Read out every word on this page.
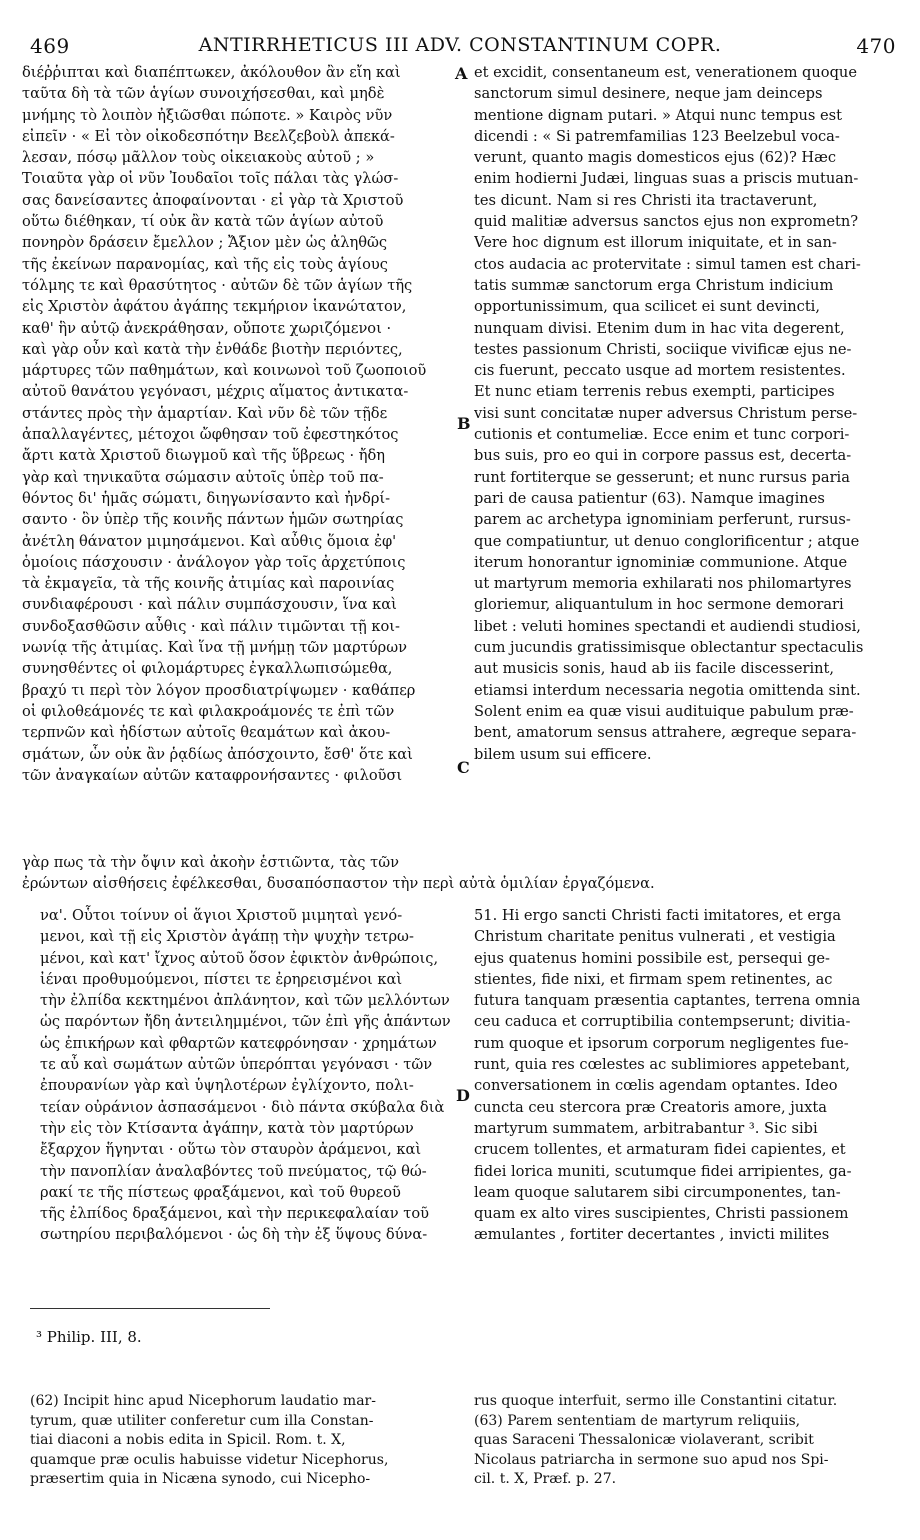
469	ANTIRRHETICUS III ADV. CONSTANTINUM COPR.	470
διέῤῥιπται καὶ διαπέπτωκεν, ἀκόλουθον ἂν εἴη καὶ
ταῦτα δὴ τὰ τῶν ἁγίων συνοιχήσεσθαι, καὶ μηδὲ
μνήμης τὸ λοιπὸν ἠξιῶσθαι πώποτε. » Καιρὸς νῦν
εἰπεῖν · « Εἰ τὸν οἰκοδεσπότην Βεελζεβοὺλ ἀπεκά-
λεσαν, πόσῳ μᾶλλον τοὺς οἰκειακοὺς αὐτοῦ ; »
Τοιαῦτα γὰρ οἱ νῦν Ἰουδαῖοι τοῖς πάλαι τὰς γλώσ-
σας δανείσαντες ἀποφαίνονται · εἰ γὰρ τὰ Χριστοῦ
οὕτω διέθηκαν, τί οὐκ ἂν κατὰ τῶν ἁγίων αὐτοῦ
πονηρὸν δράσειν ἔμελλον ; Ἄξιον μὲν ὡς ἀληθῶς
τῆς ἐκείνων παρανομίας, καὶ τῆς εἰς τοὺς ἁγίους
τόλμης τε καὶ θρασύτητος · αὐτῶν δὲ τῶν ἁγίων τῆς
εἰς Χριστὸν ἀφάτου ἀγάπης τεκμήριον ἱκανώτατον,
καθ' ἣν αὐτῷ ἀνεκράθησαν, οὔποτε χωριζόμενοι ·
καὶ γὰρ οὖν καὶ κατὰ τὴν ἐνθάδε βιοτὴν περιόντες,
μάρτυρες τῶν παθημάτων, καὶ κοινωνοὶ τοῦ ζωοποιοῦ
αὐτοῦ θανάτου γεγόνασι, μέχρις αἵματος ἀντικατα-
στάντες πρὸς τὴν ἁμαρτίαν. Καὶ νῦν δὲ τῶν τῇδε
ἀπαλλαγέντες, μέτοχοι ὤφθησαν τοῦ ἐφεστηκότος
ἄρτι κατὰ Χριστοῦ διωγμοῦ καὶ τῆς ὕβρεως · ἤδη
γὰρ καὶ τηνικαῦτα σώμασιν αὐτοῖς ὑπὲρ τοῦ πα-
θόντος δι' ἡμᾶς σώματι, διηγωνίσαντο καὶ ἠνδρί-
σαντο · ὃν ὑπὲρ τῆς κοινῆς πάντων ἡμῶν σωτηρίας
ἀνέτλη θάνατον μιμησάμενοι. Καὶ αὖθις ὅμοια ἐφ'
ὁμοίοις πάσχουσιν · ἀνάλογον γὰρ τοῖς ἀρχετύποις
τὰ ἐκμαγεῖα, τὰ τῆς κοινῆς ἀτιμίας καὶ παροινίας
συνδιαφέρουσι · καὶ πάλιν συμπάσχουσιν, ἵνα καὶ
συνδοξασθῶσιν αὖθις · καὶ πάλιν τιμῶνται τῇ κοι-
νωνίᾳ τῆς ἀτιμίας. Καὶ ἵνα τῇ μνήμῃ τῶν μαρτύρων
συνησθέντες οἱ φιλομάρτυρες ἐγκαλλωπισώμεθα,
βραχύ τι περὶ τὸν λόγον προσδιατρίψωμεν · καθάπερ
οἱ φιλοθεάμονές τε καὶ φιλακροάμονές τε ἐπὶ τῶν
τερπνῶν καὶ ἡδίστων αὐτοῖς θεαμάτων καὶ ἀκου-
σμάτων, ὧν οὐκ ἂν ῥᾳδίως ἀπόσχοιντο, ἔσθ' ὅτε καὶ
τῶν ἀναγκαίων αὐτῶν καταφρονήσαντες · φιλοῦσι
et excidit, consentaneum est, venerationem quoque
sanctorum simul desinere, neque jam deinceps
mentione dignam putari. » Atqui nunc tempus est
dicendi : « Si patremfamilias 123 Beelzebul voca-
verunt, quanto magis domesticos ejus (62)? Hæc
enim hodierni Judæi, linguas suas a priscis mutuan-
tes dicunt. Nam si res Christi ita tractaverunt,
quid malitiæ adversus sanctos ejus non exprometn?
Vere hoc dignum est illorum iniquitate, et in san-
ctos audacia ac protervitate : simul tamen est chari-
tatis summæ sanctorum erga Christum indicium
opportunissimum, qua scilicet ei sunt devincti,
nunquam divisi. Etenim dum in hac vita degerent,
testes passionum Christi, sociique vivificæ ejus ne-
cis fuerunt, peccato usque ad mortem resistentes.
Et nunc etiam terrenis rebus exempti, participes
visi sunt concitatæ nuper adversus Christum perse-
cutionis et contumeliæ. Ecce enim et tunc corpori-
bus suis, pro eo qui in corpore passus est, decerta-
runt fortiterque se gesserunt; et nunc rursus paria
pari de causa patientur (63). Namque imagines
parem ac archetypa ignominiam perferunt, rursus-
que compatiuntur, ut denuo conglorificentur ; atque
iterum honorantur ignominiæ communione. Atque
ut martyrum memoria exhilarati nos philomartyres
gloriemur, aliquantulum in hoc sermone demorari
libet : veluti homines spectandi et audiendi studiosi,
cum jucundis gratissimisque oblectantur spectaculis
aut musicis sonis, haud ab iis facile discesserint,
etiamsi interdum necessaria negotia omittenda sint.
Solent enim ea quæ visui audituique pabulum præ-
bent, amatorum sensus attrahere, ægreque separa-
bilem usum sui efficere.
A
B
C
D
γὰρ πως τὰ τὴν ὄψιν καὶ ἀκοὴν ἑστιῶντα, τὰς τῶν
ἐρώντων αἰσθήσεις ἐφέλκεσθαι, δυσαπόσπαστον τὴν περὶ αὐτὰ ὁμιλίαν ἐργαζόμενα.
να'. Οὗτοι τοίνυν οἱ ἅγιοι Χριστοῦ μιμηταὶ γενό-
μενοι, καὶ τῇ εἰς Χριστὸν ἀγάπῃ τὴν ψυχὴν τετρω-
μένοι, καὶ κατ' ἴχνος αὐτοῦ ὅσον ἐφικτὸν ἀνθρώποις,
ἰέναι προθυμούμενοι, πίστει τε ἐρηρεισμένοι καὶ
τὴν ἐλπίδα κεκτημένοι ἀπλάνητον, καὶ τῶν μελλόντων
ὡς παρόντων ἤδη ἀντειλημμένοι, τῶν ἐπὶ γῆς ἁπάντων
ὡς ἐπικήρων καὶ φθαρτῶν κατεφρόνησαν · χρημάτων
τε αὖ καὶ σωμάτων αὐτῶν ὑπερόπται γεγόνασι · τῶν
ἐπουρανίων γὰρ καὶ ὑψηλοτέρων ἐγλίχοντο, πολι-
τείαν οὐράνιον ἀσπασάμενοι · διὸ πάντα σκύβαλα διὰ
τὴν εἰς τὸν Κτίσαντα ἀγάπην, κατὰ τὸν μαρτύρων
ἔξαρχον ἥγηνται · οὕτω τὸν σταυρὸν ἀράμενοι, καὶ
τὴν πανοπλίαν ἀναλαβόντες τοῦ πνεύματος, τῷ θώ-
ρακί τε τῆς πίστεως φραξάμενοι, καὶ τοῦ θυρεοῦ
τῆς ἐλπίδος δραξάμενοι, καὶ τὴν περικεφαλαίαν τοῦ
σωτηρίου περιβαλόμενοι · ὡς δὴ τὴν ἐξ ὕψους δύνα-
51. Hi ergo sancti Christi facti imitatores, et erga
Christum charitate penitus vulnerati , et vestigia
ejus quatenus homini possibile est, persequi ge-
stientes, fide nixi, et firmam spem retinentes, ac
futura tanquam præsentia captantes, terrena omnia
ceu caduca et corruptibilia contempserunt; divitia-
rum quoque et ipsorum corporum negligentes fue-
runt, quia res cœlestes ac sublimiores appetebant,
conversationem in cœlis agendam optantes. Ideo
cuncta ceu stercora præ Creatoris amore, juxta
martyrum summatem, arbitrabantur ³. Sic sibi
crucem tollentes, et armaturam fidei capientes, et
fidei lorica muniti, scutumque fidei arripientes, ga-
leam quoque salutarem sibi circumponentes, tan-
quam ex alto vires suscipientes, Christi passionem
æmulantes , fortiter decertantes , invicti milites
³ Philip. III, 8.
(62) Incipit hinc apud Nicephorum laudatio mar-
tyrum, quæ utiliter conferetur cum illa Constan-
tiai diaconi a nobis edita in Spicil. Rom. t. X,
quamque præ oculis habuisse videtur Nicephorus,
præsertim quia in Nicæna synodo, cui Nicepho-
rus quoque interfuit, sermo ille Constantini citatur.
(63) Parem sententiam de martyrum reliquiis,
quas Saraceni Thessalonicæ violaverant, scribit
Nicolaus patriarcha in sermone suo apud nos Spi-
cil. t. X, Præf. p. 27.
